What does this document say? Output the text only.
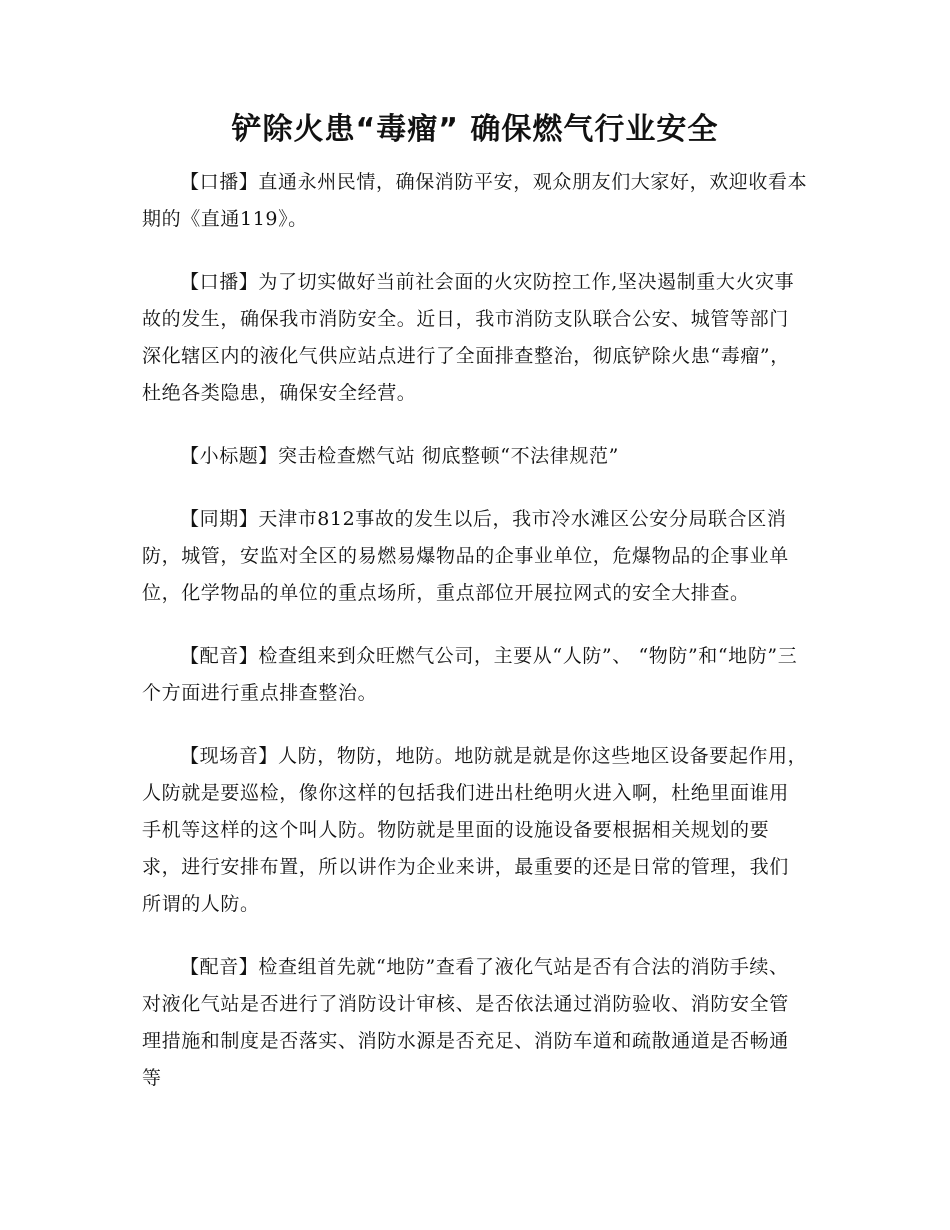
铲除火患“毒瘤” 确保燃气行业安全

【口播】直通永州民情，确保消防平安，观众朋友们大家好，欢迎收看本期的《直通119》。

【口播】为了切实做好当前社会面的火灾防控工作,坚决遏制重大火灾事故的发生，确保我市消防安全。近日，我市消防支队联合公安、城管等部门深化辖区内的液化气供应站点进行了全面排查整治，彻底铲除火患“毒瘤”，杜绝各类隐患，确保安全经营。

【小标题】突击检查燃气站 彻底整顿“不法律规范”

【同期】天津市812事故的发生以后，我市冷水滩区公安分局联合区消防，城管，安监对全区的易燃易爆物品的企事业单位，危爆物品的企事业单位，化学物品的单位的重点场所，重点部位开展拉网式的安全大排查。

【配音】检查组来到众旺燃气公司，主要从“人防”、 “物防”和“地防”三个方面进行重点排查整治。

【现场音】人防，物防，地防。地防就是就是你这些地区设备要起作用，人防就是要巡检，像你这样的包括我们进出杜绝明火进入啊，杜绝里面谁用手机等这样的这个叫人防。物防就是里面的设施设备要根据相关规划的要求，进行安排布置，所以讲作为企业来讲，最重要的还是日常的管理，我们所谓的人防。

【配音】检查组首先就“地防”查看了液化气站是否有合法的消防手续、对液化气站是否进行了消防设计审核、是否依法通过消防验收、消防安全管理措施和制度是否落实、消防水源是否充足、消防车道和疏散通道是否畅通等
